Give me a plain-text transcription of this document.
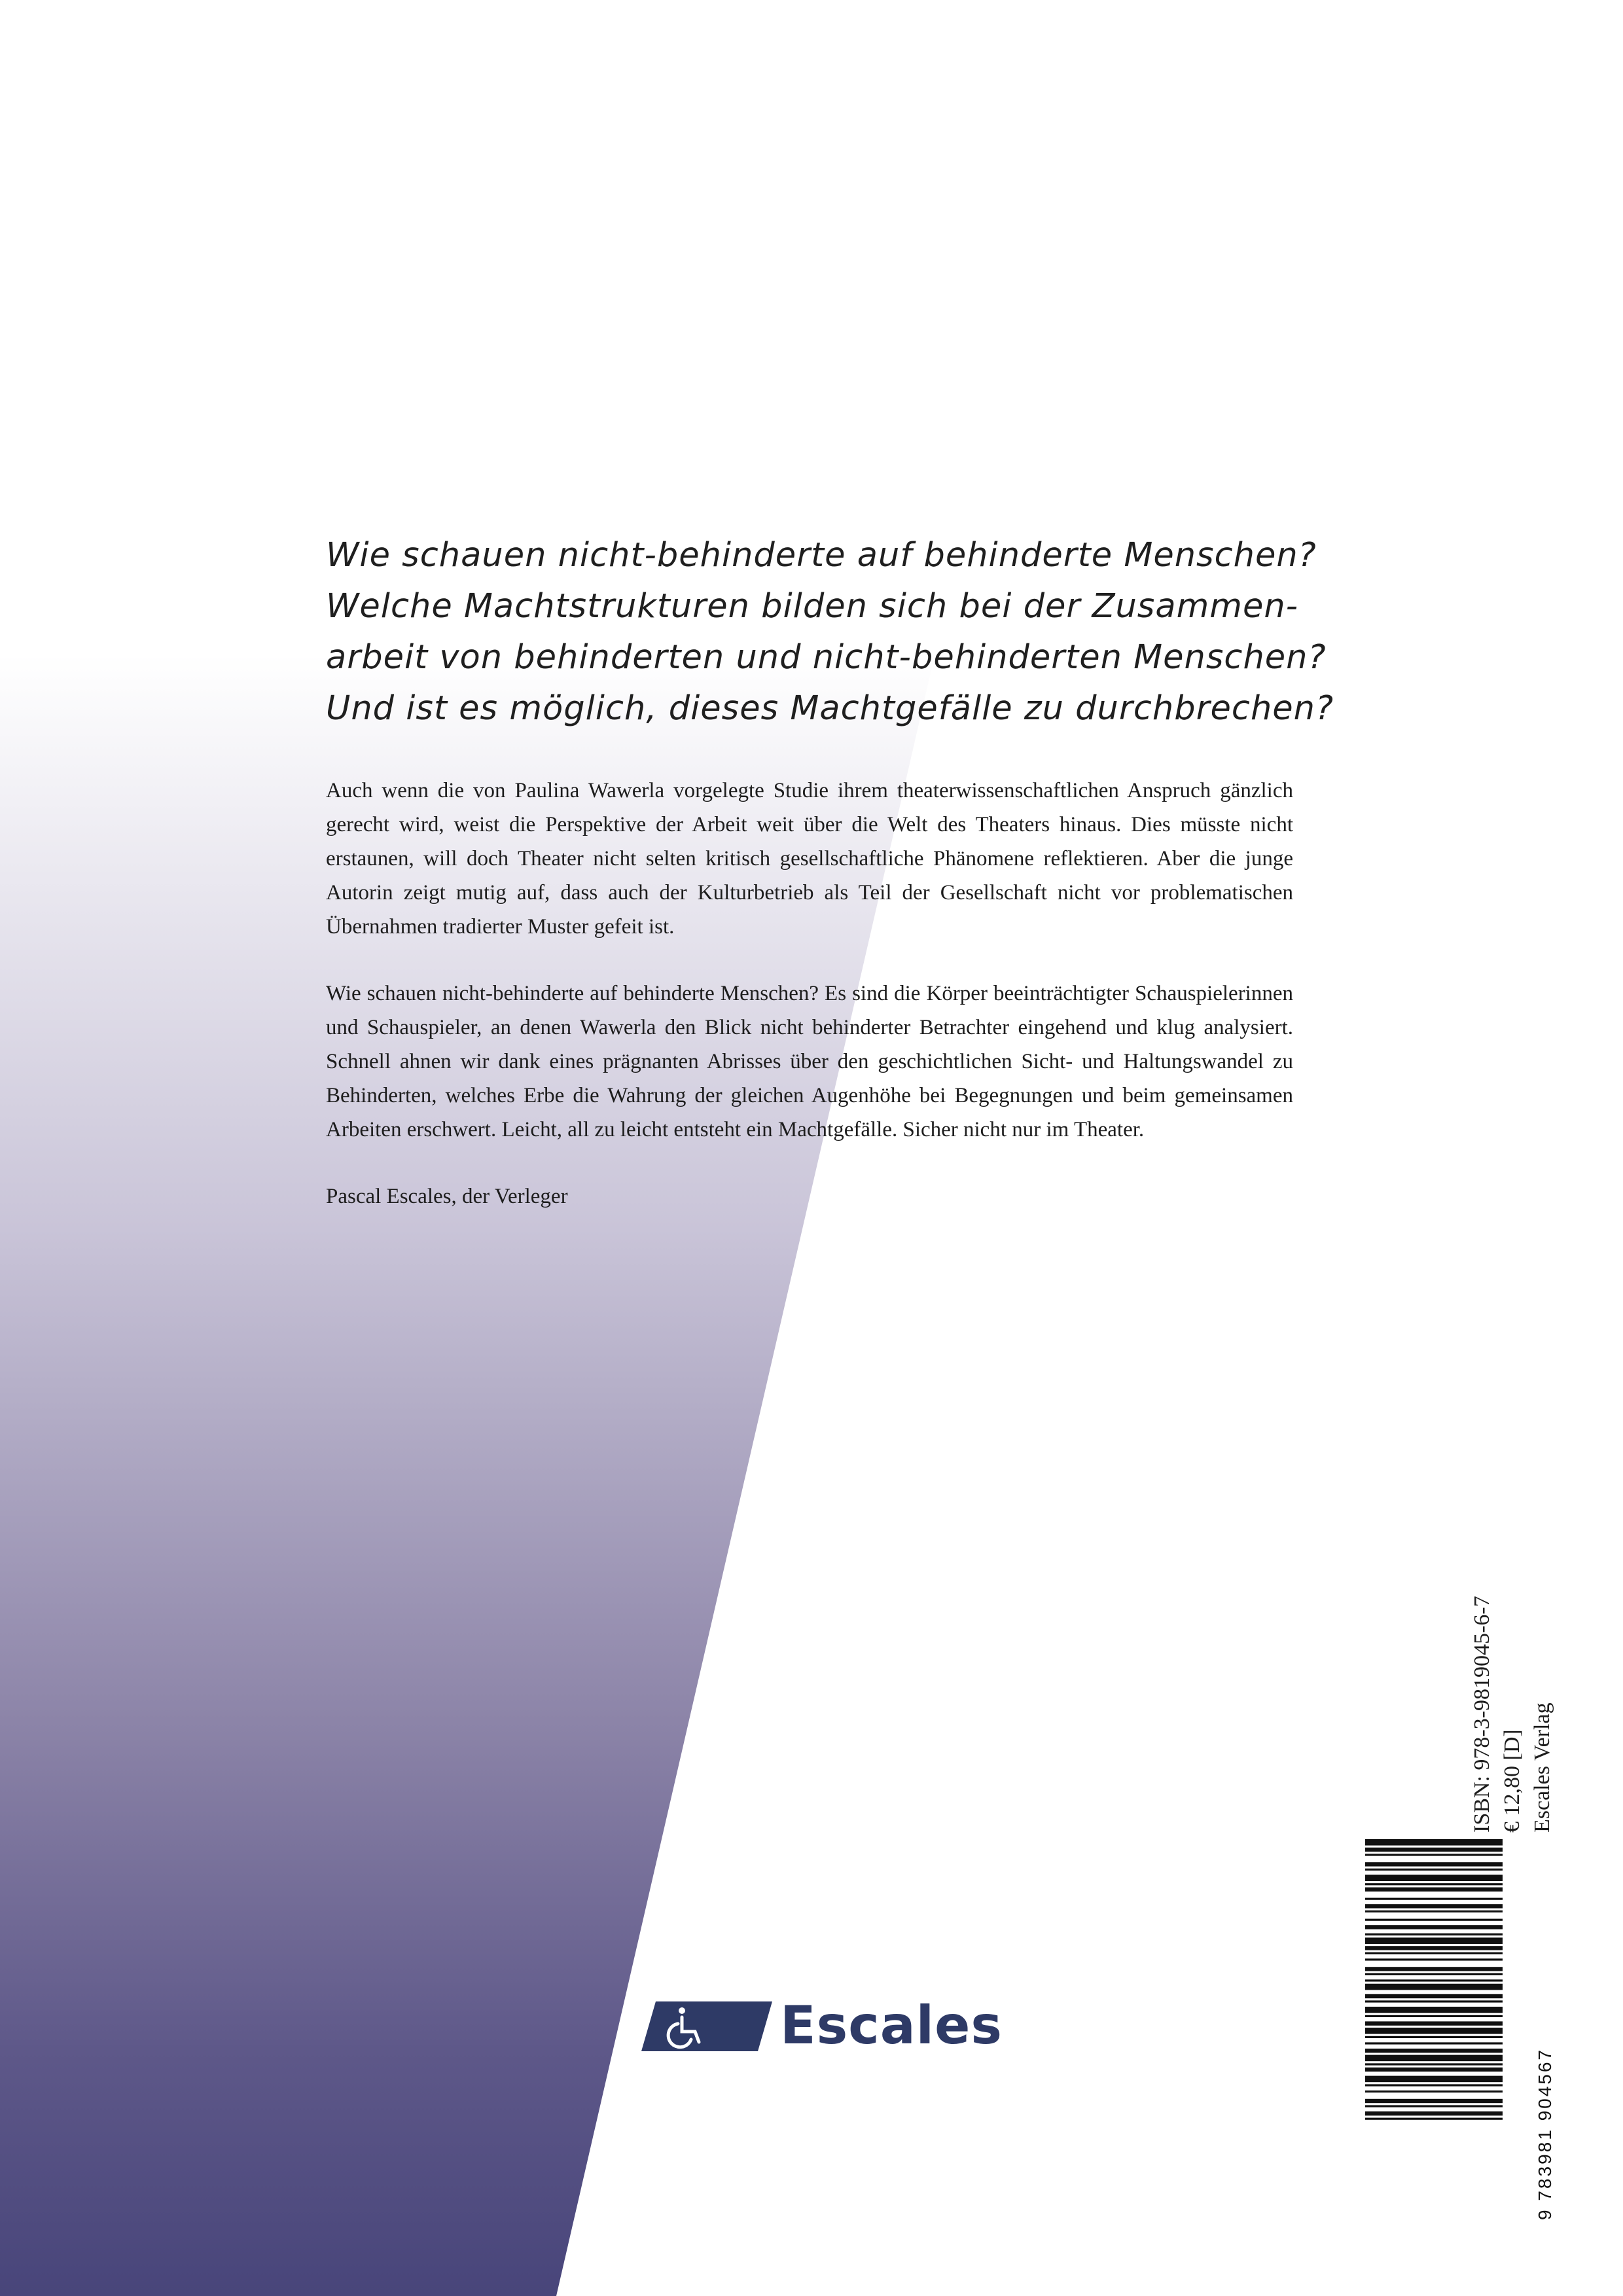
Wie schauen nicht-behinderte auf behinderte Menschen?

Welche Machtstrukturen bilden sich bei der Zusammen-

arbeit von behinderten und nicht-behinderten Menschen?

Und ist es möglich, dieses Machtgefälle zu durchbrechen?

Auch wenn die von Paulina Wawerla vorgelegte Studie ihrem theaterwissenschaftlichen Anspruch gänzlich gerecht wird, weist die Perspektive der Arbeit weit über die Welt des Theaters hinaus. Dies müsste nicht erstaunen, will doch Theater nicht selten kritisch gesellschaftliche Phänomene reflektieren. Aber die junge Autorin zeigt mutig auf, dass auch der Kulturbetrieb als Teil der Gesellschaft nicht vor problematischen Übernahmen tradierter Muster gefeit ist.

Wie schauen nicht-behinderte auf behinderte Menschen? Es sind die Körper beeinträchtigter Schauspielerinnen und Schauspieler, an denen Wawerla den Blick nicht behinderter Betrachter eingehend und klug analysiert. Schnell ahnen wir dank eines prägnanten Abrisses über den geschichtlichen Sicht- und Haltungswandel zu Behinderten, welches Erbe die Wahrung der gleichen Augenhöhe bei Begegnungen und beim gemeinsamen Arbeiten erschwert. Leicht, all zu leicht entsteht ein Machtgefälle. Sicher nicht nur im Theater.

Pascal Escales, der Verleger

ISBN: 978-3-9819045-6-7 € 12,80 [D] Escales Verlag
9 783981 904567
Escales
